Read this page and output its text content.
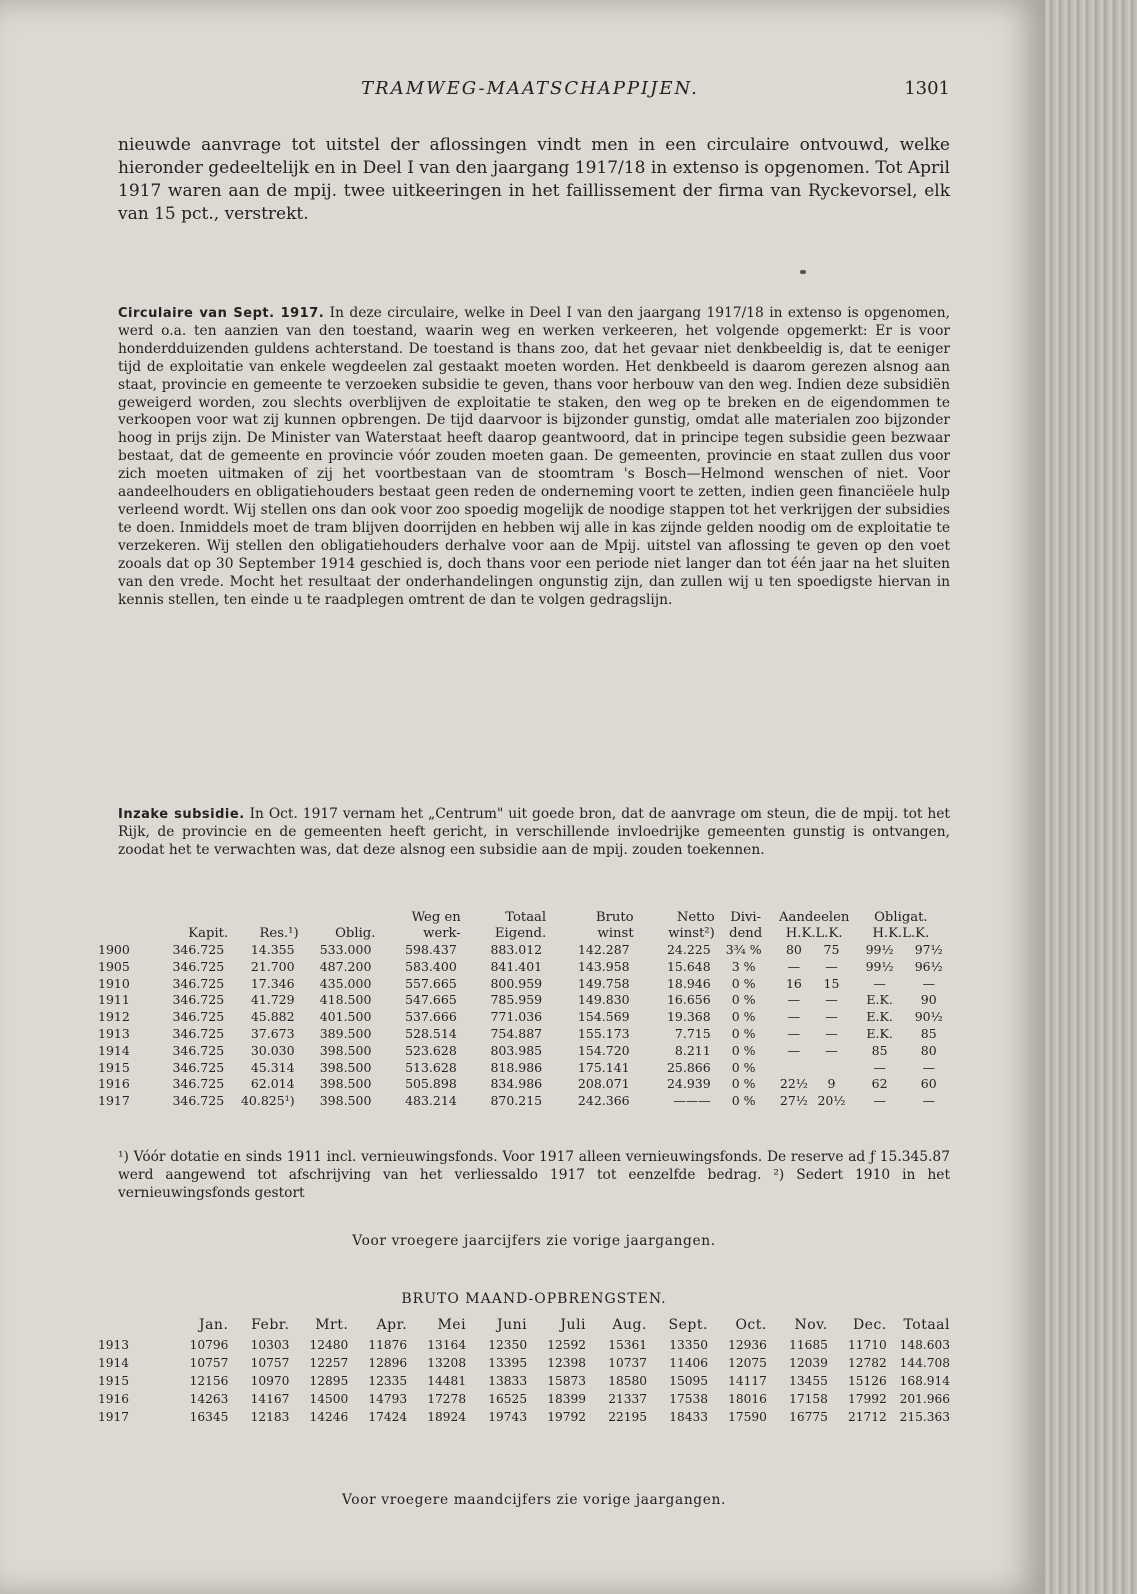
TRAMWEG-MAATSCHAPPIJEN.	1301

nieuwde aanvrage tot uitstel der aflossingen vindt men in een circulaire ontvouwd, welke hieronder gedeeltelijk en in Deel I van den jaargang 1917/18 in extenso is opgenomen. Tot April 1917 waren aan de mpij. twee uitkeeringen in het faillissement der firma van Ryckevorsel, elk van 15 pct., verstrekt.

Circulaire van Sept. 1917. In deze circulaire, welke in Deel I van den jaargang 1917/18 in extenso is opgenomen, werd o.a. ten aanzien van den toestand, waarin weg en werken verkeeren, het volgende opgemerkt: Er is voor honderdduizenden guldens achterstand. De toestand is thans zoo, dat het gevaar niet denkbeeldig is, dat te eeniger tijd de exploitatie van enkele wegdeelen zal gestaakt moeten worden. Het denkbeeld is daarom gerezen alsnog aan staat, provincie en gemeente te verzoeken subsidie te geven, thans voor herbouw van den weg. Indien deze subsidiën geweigerd worden, zou slechts overblijven de exploitatie te staken, den weg op te breken en de eigendommen te verkoopen voor wat zij kunnen opbrengen. De tijd daarvoor is bijzonder gunstig, omdat alle materialen zoo bijzonder hoog in prijs zijn. De Minister van Waterstaat heeft daarop geantwoord, dat in principe tegen subsidie geen bezwaar bestaat, dat de gemeente en provincie vóór zouden moeten gaan. De gemeenten, provincie en staat zullen dus voor zich moeten uitmaken of zij het voortbestaan van de stoomtram 's Bosch—Helmond wenschen of niet. Voor aandeelhouders en obligatiehouders bestaat geen reden de onderneming voort te zetten, indien geen financiëele hulp verleend wordt. Wij stellen ons dan ook voor zoo spoedig mogelijk de noodige stappen tot het verkrijgen der subsidies te doen. Inmiddels moet de tram blijven doorrijden en hebben wij alle in kas zijnde gelden noodig om de exploitatie te verzekeren. Wij stellen den obligatiehouders derhalve voor aan de Mpij. uitstel van aflossing te geven op den voet zooals dat op 30 September 1914 geschied is, doch thans voor een periode niet langer dan tot één jaar na het sluiten van den vrede. Mocht het resultaat der onderhandelingen ongunstig zijn, dan zullen wij u ten spoedigste hiervan in kennis stellen, ten einde u te raadplegen omtrent de dan te volgen gedragslijn.

Inzake subsidie. In Oct. 1917 vernam het „Centrum" uit goede bron, dat de aanvrage om steun, die de mpij. tot het Rijk, de provincie en de gemeenten heeft gericht, in verschillende invloedrijke gemeenten gunstig is ontvangen, zoodat het te verwachten was, dat deze alsnog een subsidie aan de mpij. zouden toekennen.

				Weg en	Totaal	Bruto	Netto	Divi-	Aandeelen		Obligat.	
	Kapit.	Res.¹)	Oblig.	werk-	Eigend.	winst	winst²)	dend	H.K.L.K.		H.K.L.K.	
1900	346.725	14.355	533.000	598.437	883.012	142.287	24.225	3¾ %	80	75	99½	97½
1905	346.725	21.700	487.200	583.400	841.401	143.958	15.648	3 %	—	—	99½	96½
1910	346.725	17.346	435.000	557.665	800.959	149.758	18.946	0 %	16	15	—	—
1911	346.725	41.729	418.500	547.665	785.959	149.830	16.656	0 %	—	—	E.K.	90
1912	346.725	45.882	401.500	537.666	771.036	154.569	19.368	0 %	—	—	E.K.	90½
1913	346.725	37.673	389.500	528.514	754.887	155.173	7.715	0 %	—	—	E.K.	85
1914	346.725	30.030	398.500	523.628	803.985	154.720	8.211	0 %	—	—	85	80
1915	346.725	45.314	398.500	513.628	818.986	175.141	25.866	0 %			—	—
1916	346.725	62.014	398.500	505.898	834.986	208.071	24.939	0 %	22½	9	62	60
1917	346.725	40.825¹)	398.500	483.214	870.215	242.366	———	0 %	27½	20½	—	—

¹) Vóór dotatie en sinds 1911 incl. vernieuwingsfonds. Voor 1917 alleen vernieuwingsfonds. De reserve ad ƒ 15.345.87 werd aangewend tot afschrijving van het verliessaldo 1917 tot eenzelfde bedrag. ²) Sedert 1910 in het vernieuwingsfonds gestort

Voor vroegere jaarcijfers zie vorige jaargangen.

BRUTO MAAND-OPBRENGSTEN.

	Jan.	Febr.	Mrt.	Apr.	Mei	Juni	Juli	Aug.	Sept.	Oct.	Nov.	Dec.	Totaal
1913	10796	10303	12480	11876	13164	12350	12592	15361	13350	12936	11685	11710	148.603
1914	10757	10757	12257	12896	13208	13395	12398	10737	11406	12075	12039	12782	144.708
1915	12156	10970	12895	12335	14481	13833	15873	18580	15095	14117	13455	15126	168.914
1916	14263	14167	14500	14793	17278	16525	18399	21337	17538	18016	17158	17992	201.966
1917	16345	12183	14246	17424	18924	19743	19792	22195	18433	17590	16775	21712	215.363

Voor vroegere maandcijfers zie vorige jaargangen.
